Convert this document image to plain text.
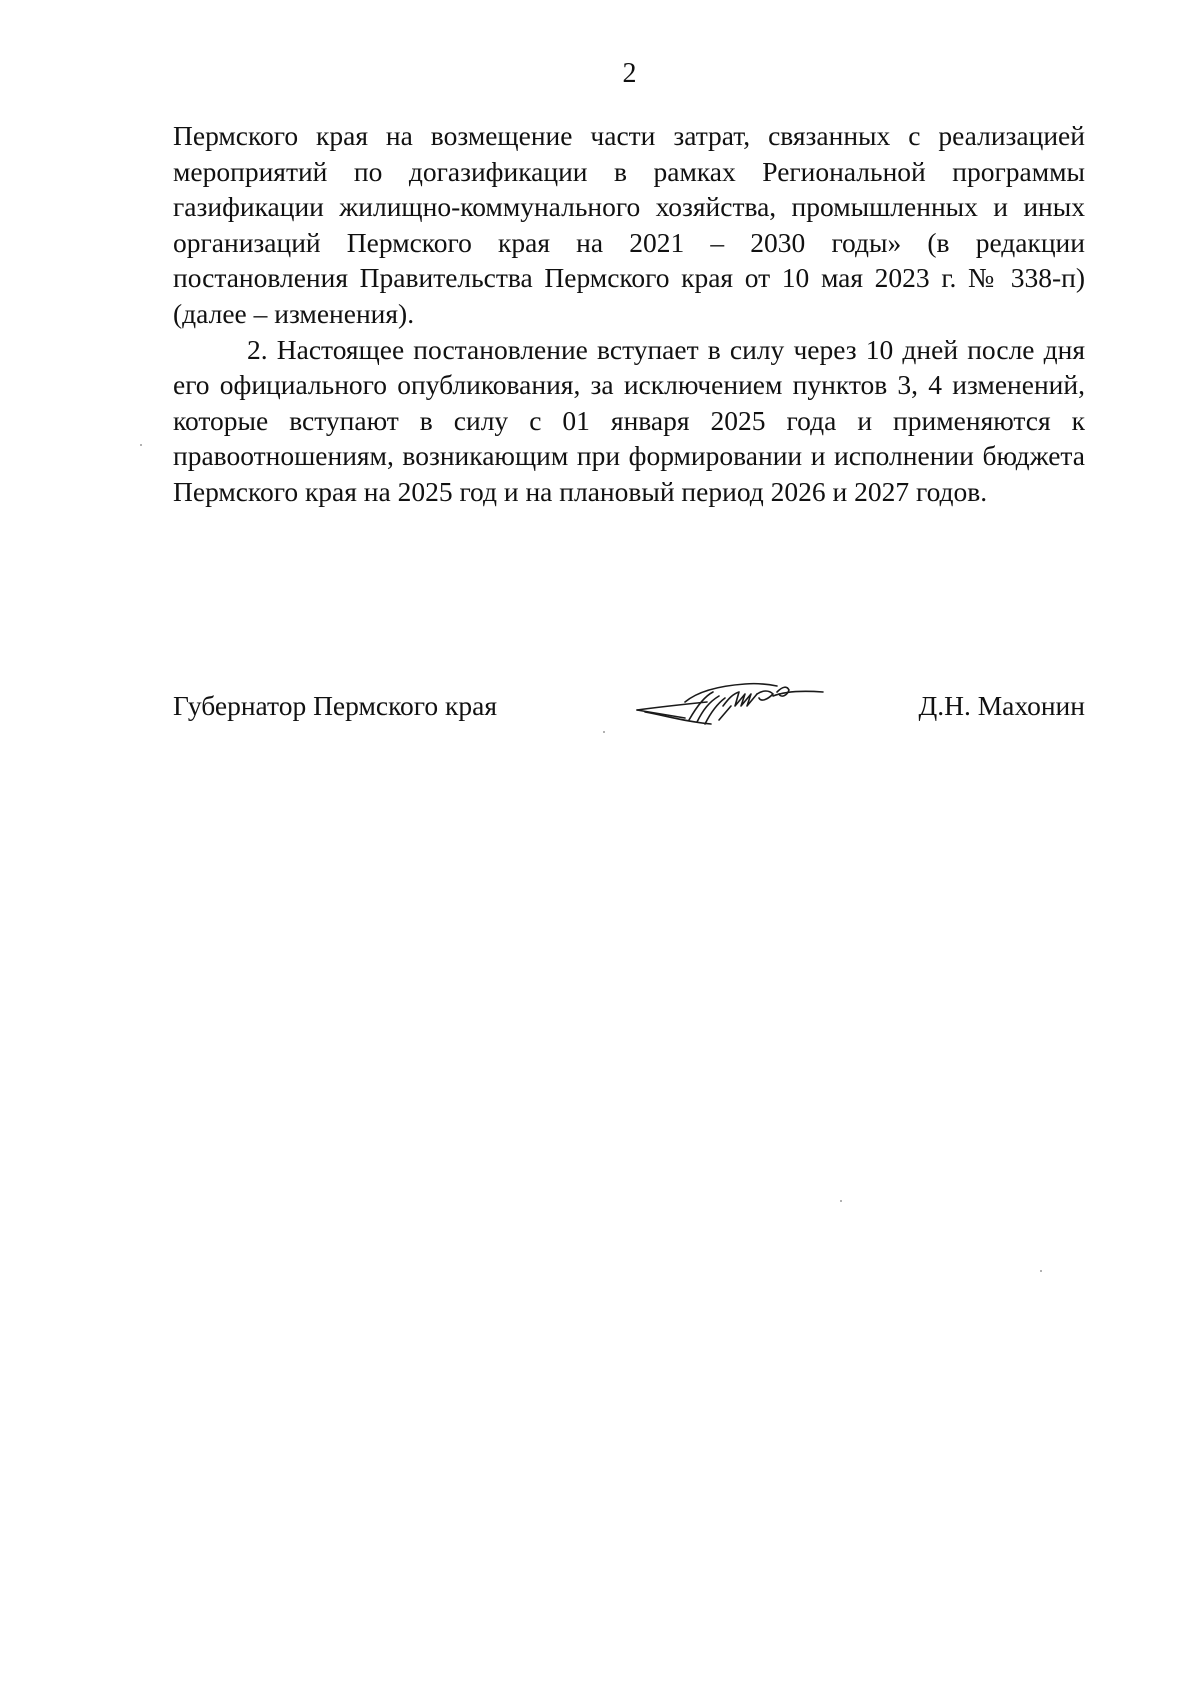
2

Пермского края на возмещение части затрат, связанных с реализацией мероприятий по догазификации в рамках Региональной программы газификации жилищно-коммунального хозяйства, промышленных и иных организаций Пермского края на 2021 – 2030 годы» (в редакции постановления Правительства Пермского края от 10 мая 2023 г. № 338-п) (далее – изменения).

2. Настоящее постановление вступает в силу через 10 дней после дня его официального опубликования, за исключением пунктов 3, 4 изменений, которые вступают в силу с 01 января 2025 года и применяются к правоотношениям, возникающим при формировании и исполнении бюджета Пермского края на 2025 год и на плановый период 2026 и 2027 годов.

Губернатор Пермского края	Д.Н. Махонин
